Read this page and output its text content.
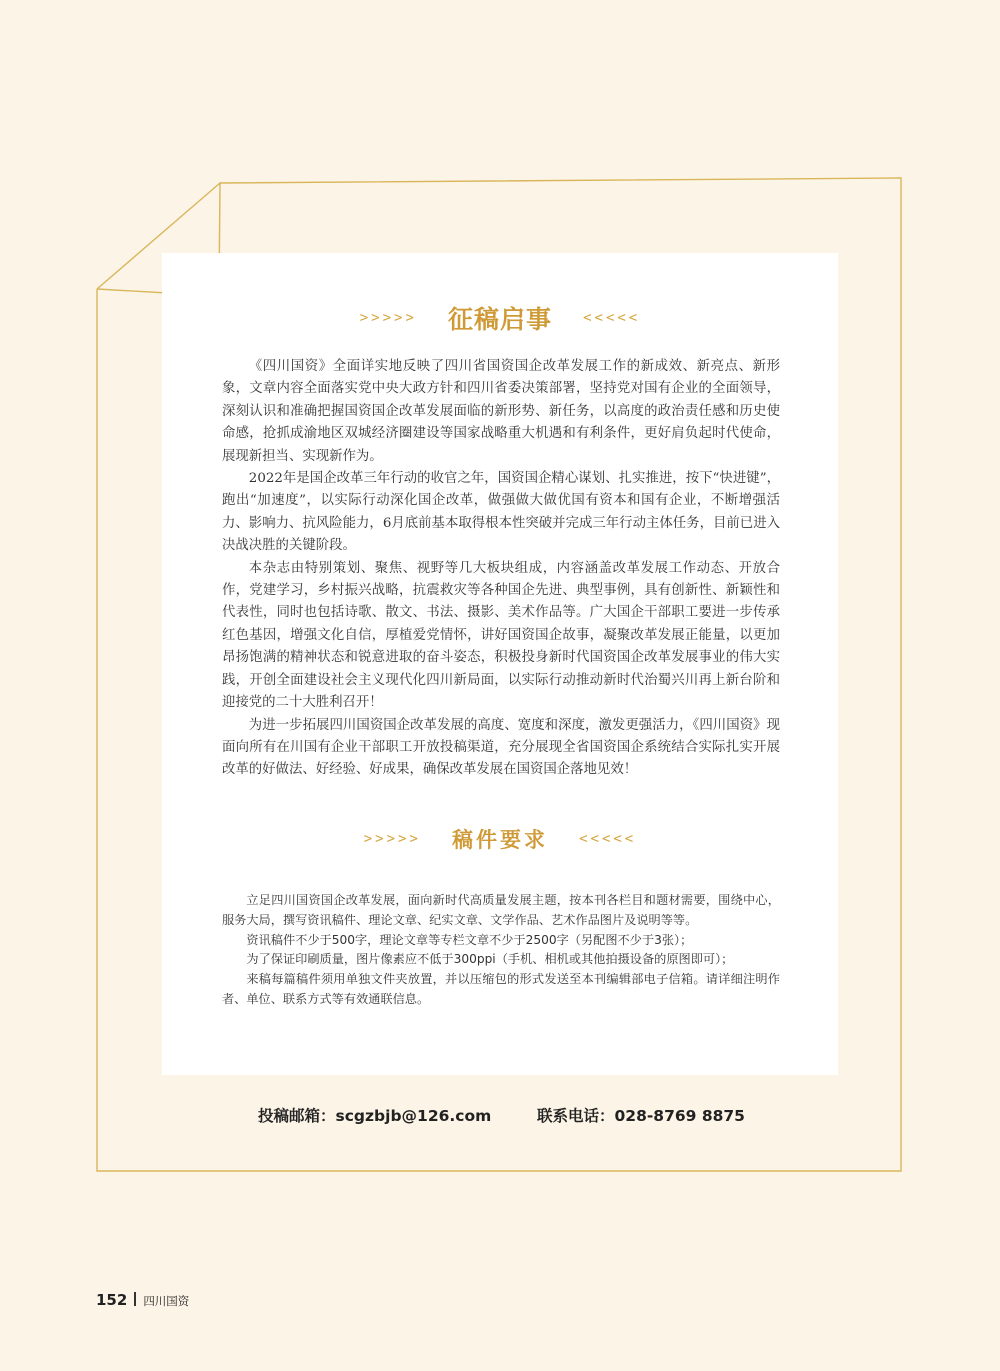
>>>>> 征稿启事 <<<<<

《四川国资》全面详实地反映了四川省国资国企改革发展工作的新成效、新亮点、新形象，文章内容全面落实党中央大政方针和四川省委决策部署，坚持党对国有企业的全面领导，深刻认识和准确把握国资国企改革发展面临的新形势、新任务，以高度的政治责任感和历史使命感，抢抓成渝地区双城经济圈建设等国家战略重大机遇和有利条件，更好肩负起时代使命，展现新担当、实现新作为。

2022年是国企改革三年行动的收官之年，国资国企精心谋划、扎实推进，按下“快进键”，跑出“加速度”，以实际行动深化国企改革，做强做大做优国有资本和国有企业，不断增强活力、影响力、抗风险能力，6月底前基本取得根本性突破并完成三年行动主体任务，目前已进入决战决胜的关键阶段。

本杂志由特别策划、聚焦、视野等几大板块组成，内容涵盖改革发展工作动态、开放合作，党建学习，乡村振兴战略，抗震救灾等各种国企先进、典型事例，具有创新性、新颖性和代表性，同时也包括诗歌、散文、书法、摄影、美术作品等。广大国企干部职工要进一步传承红色基因，增强文化自信，厚植爱党情怀，讲好国资国企故事，凝聚改革发展正能量，以更加昂扬饱满的精神状态和锐意进取的奋斗姿态，积极投身新时代国资国企改革发展事业的伟大实践，开创全面建设社会主义现代化四川新局面，以实际行动推动新时代治蜀兴川再上新台阶和迎接党的二十大胜利召开！

为进一步拓展四川国资国企改革发展的高度、宽度和深度，激发更强活力，《四川国资》现面向所有在川国有企业干部职工开放投稿渠道，充分展现全省国资国企系统结合实际扎实开展改革的好做法、好经验、好成果，确保改革发展在国资国企落地见效！

>>>>> 稿件要求 <<<<<

立足四川国资国企改革发展，面向新时代高质量发展主题，按本刊各栏目和题材需要，围绕中心，服务大局，撰写资讯稿件、理论文章、纪实文章、文学作品、艺术作品图片及说明等等。

资讯稿件不少于500字，理论文章等专栏文章不少于2500字（另配图不少于3张）；

为了保证印刷质量，图片像素应不低于300ppi（手机、相机或其他拍摄设备的原图即可）；

来稿每篇稿件须用单独文件夹放置，并以压缩包的形式发送至本刊编辑部电子信箱。请详细注明作者、单位、联系方式等有效通联信息。

投稿邮箱：scgzbjb@126.com	联系电话：028-8769 8875
152 四川国资
